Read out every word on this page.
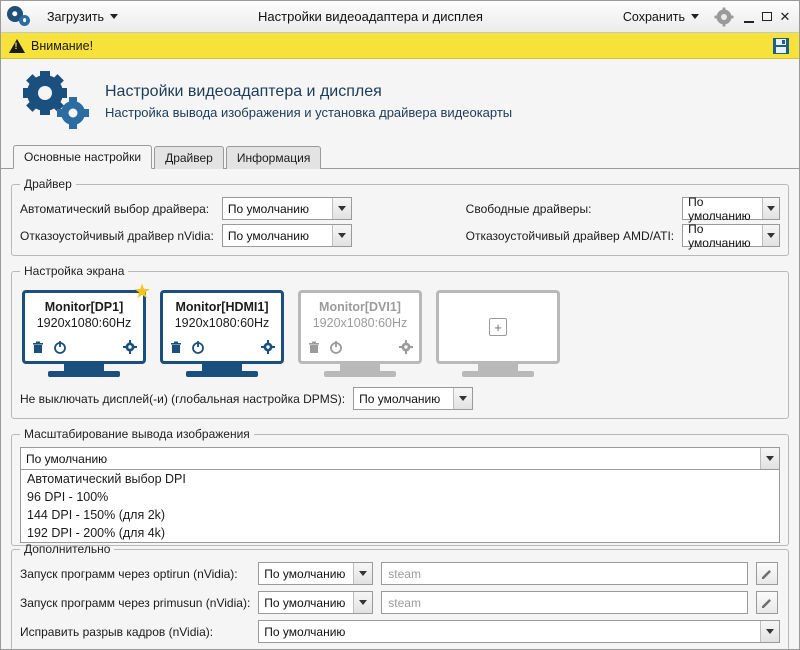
Загрузить	Настройки видеоадаптера и дисплея	Сохранить	✕
!
Внимание!
Настройки видеоадаптера и дисплея
Настройка вывода изображения и установка драйвера видеокарты
Основные настройки	Драйвер	Информация
Драйвер
Автоматический выбор драйвера:	По умолчанию	Свободные драйверы:	По умолчанию
Отказоустойчивый драйвер nVidia: По умолчанию	Отказоустойчивый драйвер AMD/ATI: По умолчанию
Настройка экрана
★
Monitor[DP1]
1920x1080:60Hz
Monitor[HDMI1]
1920x1080:60Hz
Monitor[DVI1]
1920x1080:60Hz	+
Не выключать дисплей(-и) (глобальная настройка DPMS): По умолчанию
Масштабирование вывода изображения
По умолчанию
Автоматический выбор DPI
96 DPI - 100%
144 DPI - 150% (для 2k)
192 DPI - 200% (для 4k)
Дополнительно
Запуск программ через optirun (nVidia):	По умолчанию	steam
Запуск программ через primusun (nVidia): По умолчанию	steam
Исправить разрыв кадров (nVidia):	По умолчанию
